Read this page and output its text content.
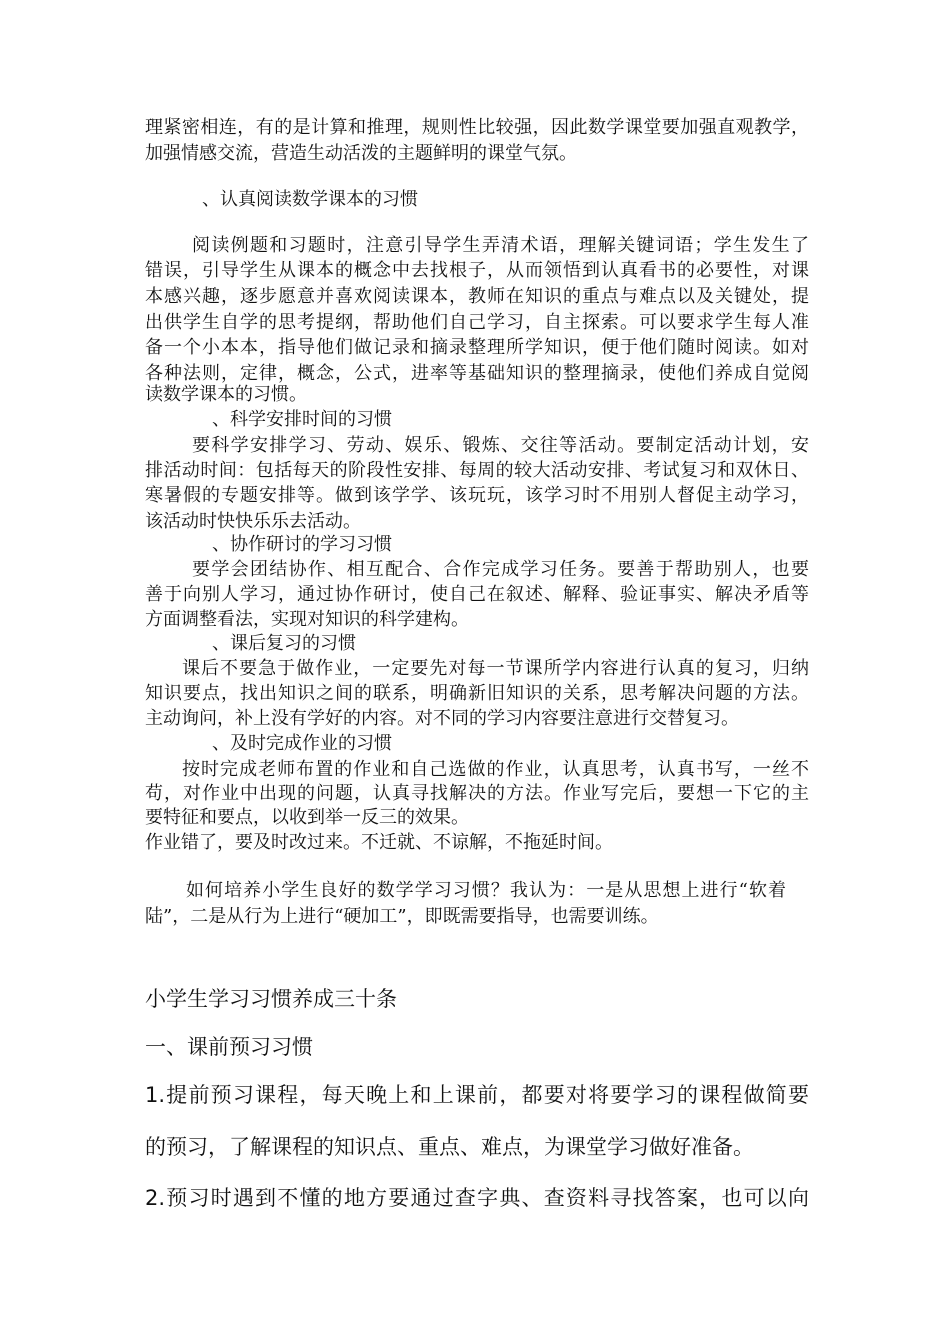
理紧密相连，有的是计算和推理，规则性比较强，因此数学课堂要加强直观教学，
加强情感交流，营造生动活泼的主题鲜明的课堂气氛。
、认真阅读数学课本的习惯
阅读例题和习题时，注意引导学生弄清术语，理解关键词语；学生发生了
错误，引导学生从课本的概念中去找根子，从而领悟到认真看书的必要性，对课
本感兴趣，逐步愿意并喜欢阅读课本，教师在知识的重点与难点以及关键处，提
出供学生自学的思考提纲，帮助他们自己学习，自主探索。可以要求学生每人准
备一个小本本，指导他们做记录和摘录整理所学知识，便于他们随时阅读。如对
各种法则，定律，概念，公式，进率等基础知识的整理摘录，使他们养成自觉阅
读数学课本的习惯。
、科学安排时间的习惯
要科学安排学习、劳动、娱乐、锻炼、交往等活动。要制定活动计划，安
排活动时间：包括每天的阶段性安排、每周的较大活动安排、考试复习和双休日、
寒暑假的专题安排等。做到该学学、该玩玩，该学习时不用别人督促主动学习，
该活动时快快乐乐去活动。
、协作研讨的学习习惯
要学会团结协作、相互配合、合作完成学习任务。要善于帮助别人，也要
善于向别人学习，通过协作研讨，使自己在叙述、解释、验证事实、解决矛盾等
方面调整看法，实现对知识的科学建构。
、课后复习的习惯
课后不要急于做作业，一定要先对每一节课所学内容进行认真的复习，归纳
知识要点，找出知识之间的联系，明确新旧知识的关系，思考解决问题的方法。
主动询问，补上没有学好的内容。对不同的学习内容要注意进行交替复习。
、及时完成作业的习惯
按时完成老师布置的作业和自己选做的作业，认真思考，认真书写，一丝不
苟，对作业中出现的问题，认真寻找解决的方法。作业写完后，要想一下它的主
要特征和要点，以收到举一反三的效果。
作业错了，要及时改过来。不迁就、不谅解，不拖延时间。
如何培养小学生良好的数学学习习惯？我认为：一是从思想上进行“软着
陆”，二是从行为上进行“硬加工”，即既需要指导，也需要训练。
小学生学习习惯养成三十条
一、课前预习习惯
1.提前预习课程，每天晚上和上课前，都要对将要学习的课程做简要
的预习，了解课程的知识点、重点、难点，为课堂学习做好准备。
2.预习时遇到不懂的地方要通过查字典、查资料寻找答案，也可以向
